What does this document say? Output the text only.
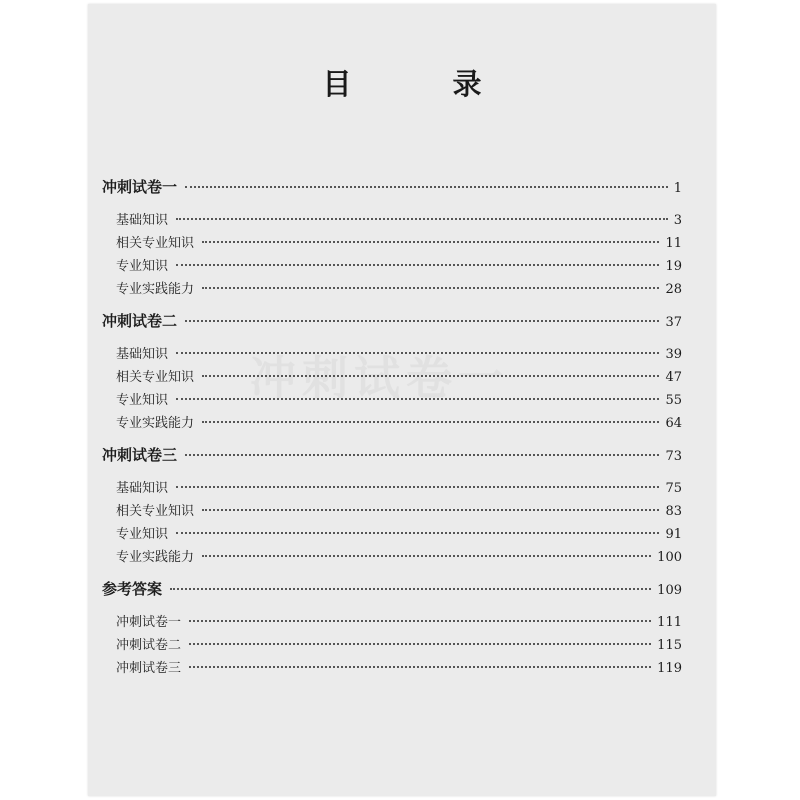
冲刺试卷一
目　录
冲刺试卷一	1
基础知识	3
相关专业知识	11
专业知识	19
专业实践能力	28
冲刺试卷二	37
基础知识	39
相关专业知识	47
专业知识	55
专业实践能力	64
冲刺试卷三	73
基础知识	75
相关专业知识	83
专业知识	91
专业实践能力	100
参考答案	109
冲刺试卷一	111
冲刺试卷二	115
冲刺试卷三	119
